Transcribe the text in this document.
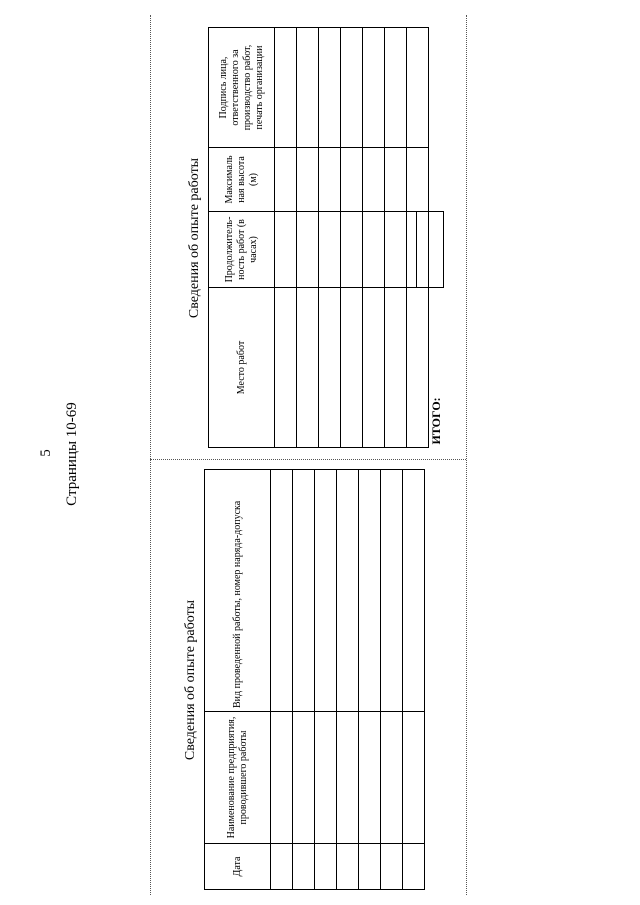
5 Страницы 10-69
Сведения об опыте работы
Дата	Наименование предприятия, проводившего работы	Вид проведенной работы, номер наряда-допуска

Сведения об опыте работы
Место работ	Продолжитель-ность работ (в часах)	Максималь ная высота (м)	Подпись лица, ответственного за производство работ, печать организации

ИТОГО:			
